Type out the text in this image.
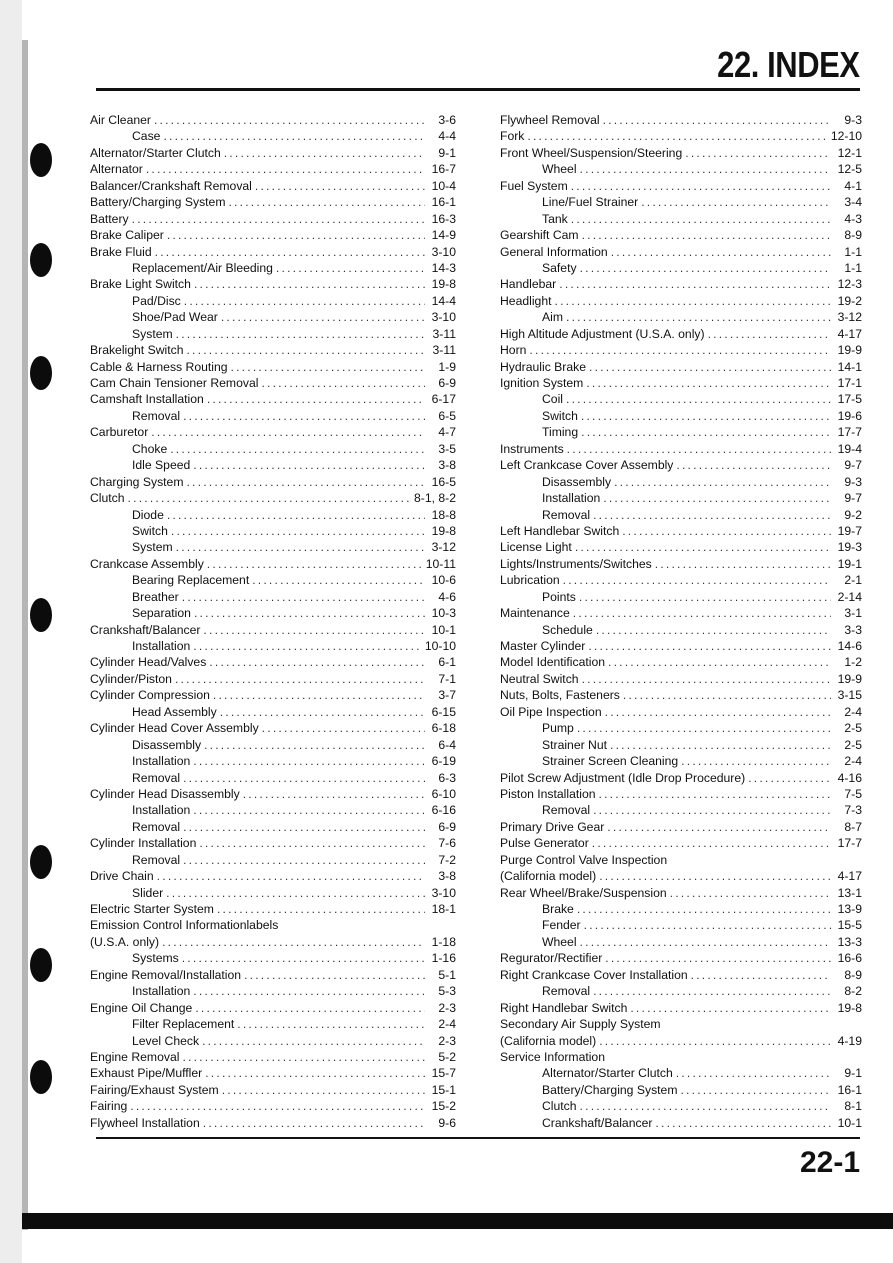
22. INDEX
Air Cleaner . . .	3-6
Case . . .	4-4
Alternator/Starter Clutch . . .	9-1
Alternator . . .	16-7
Balancer/Crankshaft Removal . . .	10-4
Battery/Charging System . . .	16-1
Battery . . .	16-3
Brake Caliper . . .	14-9
Brake Fluid . . .	3-10
Replacement/Air Bleeding . . .	14-3
Brake Light Switch . . .	19-8
Pad/Disc . . .	14-4
Shoe/Pad Wear . . .	3-10
System . . .	3-11
Brakelight Switch . . .	3-11
Cable & Harness Routing . . .	1-9
Cam Chain Tensioner Removal . . .	6-9
Camshaft Installation . . .	6-17
Removal . . .	6-5
Carburetor . . .	4-7
Choke . . .	3-5
Idle Speed . . .	3-8
Charging System . . .	16-5
Clutch . . .	8-1, 8-2
Diode . . .	18-8
Switch . . .	19-8
System . . .	3-12
Crankcase Assembly . . .	10-11
Bearing Replacement . . .	10-6
Breather . . .	4-6
Separation . . .	10-3
Crankshaft/Balancer . . .	10-1
Installation . . .	10-10
Cylinder Head/Valves . . .	6-1
Cylinder/Piston . . .	7-1
Cylinder Compression . . .	3-7
Head Assembly . . .	6-15
Cylinder Head Cover Assembly . . .	6-18
Disassembly . . .	6-4
Installation . . .	6-19
Removal . . .	6-3
Cylinder Head Disassembly . . .	6-10
Installation . . .	6-16
Removal . . .	6-9
Cylinder Installation . . .	7-6
Removal . . .	7-2
Drive Chain . . .	3-8
Slider . . .	3-10
Electric Starter System . . .	18-1
Emission Control Informationlabels
(U.S.A. only) . . .	1-18
Systems . . .	1-16
Engine Removal/Installation . . .	5-1
Installation . . .	5-3
Engine Oil Change . . .	2-3
Filter Replacement . . .	2-4
Level Check . . .	2-3
Engine Removal . . .	5-2
Exhaust Pipe/Muffler . . .	15-7
Fairing/Exhaust System . . .	15-1
Fairing . . .	15-2
Flywheel Installation . . .	9-6
Flywheel Removal . . .	9-3
Fork . . .	12-10
Front Wheel/Suspension/Steering . . .	12-1
Wheel . . .	12-5
Fuel System . . .	4-1
Line/Fuel Strainer . . .	3-4
Tank . . .	4-3
Gearshift Cam . . .	8-9
General Information . . .	1-1
Safety . . .	1-1
Handlebar . . .	12-3
Headlight . . .	19-2
Aim . . .	3-12
High Altitude Adjustment (U.S.A. only) . . .	4-17
Horn . . .	19-9
Hydraulic Brake . . .	14-1
Ignition System . . .	17-1
Coil . . .	17-5
Switch . . .	19-6
Timing . . .	17-7
Instruments . . .	19-4
Left Crankcase Cover Assembly . . .	9-7
Disassembly . . .	9-3
Installation . . .	9-7
Removal . . .	9-2
Left Handlebar Switch . . .	19-7
License Light . . .	19-3
Lights/Instruments/Switches . . .	19-1
Lubrication . . .	2-1
Points . . .	2-14
Maintenance . . .	3-1
Schedule . . .	3-3
Master Cylinder . . .	14-6
Model Identification . . .	1-2
Neutral Switch . . .	19-9
Nuts, Bolts, Fasteners . . .	3-15
Oil Pipe Inspection . . .	2-4
Pump . . .	2-5
Strainer Nut . . .	2-5
Strainer Screen Cleaning . . .	2-4
Pilot Screw Adjustment (Idle Drop Procedure) . . .	4-16
Piston Installation . . .	7-5
Removal . . .	7-3
Primary Drive Gear . . .	8-7
Pulse Generator . . .	17-7
Purge Control Valve Inspection
(California model) . . .	4-17
Rear Wheel/Brake/Suspension . . .	13-1
Brake . . .	13-9
Fender . . .	15-5
Wheel . . .	13-3
Regurator/Rectifier . . .	16-6
Right Crankcase Cover Installation . . .	8-9
Removal . . .	8-2
Right Handlebar Switch . . .	19-8
Secondary Air Supply System
(California model) . . .	4-19
Service Information
Alternator/Starter Clutch . . .	9-1
Battery/Charging System . . .	16-1
Clutch . . .	8-1
Crankshaft/Balancer . . .	10-1
22-1
